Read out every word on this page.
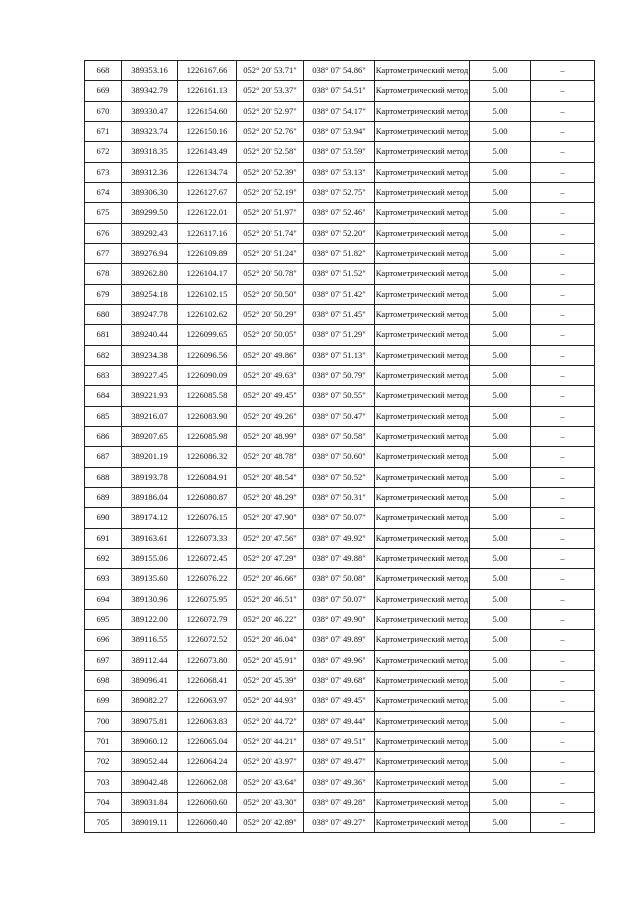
668	389353.16	1226167.66	052° 20' 53.71"	038° 07' 54.86"	Картометрический метод	5.00	–
669	389342.79	1226161.13	052° 20' 53.37"	038° 07' 54.51"	Картометрический метод	5.00	–
670	389330.47	1226154.60	052° 20' 52.97"	038° 07' 54.17"	Картометрический метод	5.00	–
671	389323.74	1226150.16	052° 20' 52.76"	038° 07' 53.94"	Картометрический метод	5.00	–
672	389318.35	1226143.49	052° 20' 52.58"	038° 07' 53.59"	Картометрический метод	5.00	–
673	389312.36	1226134.74	052° 20' 52.39"	038° 07' 53.13"	Картометрический метод	5.00	–
674	389306.30	1226127.67	052° 20' 52.19"	038° 07' 52.75"	Картометрический метод	5.00	–
675	389299.50	1226122.01	052° 20' 51.97"	038° 07' 52.46"	Картометрический метод	5.00	–
676	389292.43	1226117.16	052° 20' 51.74"	038° 07' 52.20"	Картометрический метод	5.00	–
677	389276.94	1226109.89	052° 20' 51.24"	038° 07' 51.82"	Картометрический метод	5.00	–
678	389262.80	1226104.17	052° 20' 50.78"	038° 07' 51.52"	Картометрический метод	5.00	–
679	389254.18	1226102.15	052° 20' 50.50"	038° 07' 51.42"	Картометрический метод	5.00	–
680	389247.78	1226102.62	052° 20' 50.29"	038° 07' 51.45"	Картометрический метод	5.00	–
681	389240.44	1226099.65	052° 20' 50.05"	038° 07' 51.29"	Картометрический метод	5.00	–
682	389234.38	1226096.56	052° 20' 49.86"	038° 07' 51.13"	Картометрический метод	5.00	–
683	389227.45	1226090.09	052° 20' 49.63"	038° 07' 50.79"	Картометрический метод	5.00	–
684	389221.93	1226085.58	052° 20' 49.45"	038° 07' 50.55"	Картометрический метод	5.00	–
685	389216.07	1226083.90	052° 20' 49.26"	038° 07' 50.47"	Картометрический метод	5.00	–
686	389207.65	1226085.98	052° 20' 48.99"	038° 07' 50.58"	Картометрический метод	5.00	–
687	389201.19	1226086.32	052° 20' 48.78"	038° 07' 50.60"	Картометрический метод	5.00	–
688	389193.78	1226084.91	052° 20' 48.54"	038° 07' 50.52"	Картометрический метод	5.00	–
689	389186.04	1226080.87	052° 20' 48.29"	038° 07' 50.31"	Картометрический метод	5.00	–
690	389174.12	1226076.15	052° 20' 47.90"	038° 07' 50.07"	Картометрический метод	5.00	–
691	389163.61	1226073.33	052° 20' 47.56"	038° 07' 49.92"	Картометрический метод	5.00	–
692	389155.06	1226072.45	052° 20' 47.29"	038° 07' 49.88"	Картометрический метод	5.00	–
693	389135.60	1226076.22	052° 20' 46.66"	038° 07' 50.08"	Картометрический метод	5.00	–
694	389130.96	1226075.95	052° 20' 46.51"	038° 07' 50.07"	Картометрический метод	5.00	–
695	389122.00	1226072.79	052° 20' 46.22"	038° 07' 49.90"	Картометрический метод	5.00	–
696	389116.55	1226072.52	052° 20' 46.04"	038° 07' 49.89"	Картометрический метод	5.00	–
697	389112.44	1226073.80	052° 20' 45.91"	038° 07' 49.96"	Картометрический метод	5.00	–
698	389096.41	1226068.41	052° 20' 45.39"	038° 07' 49.68"	Картометрический метод	5.00	–
699	389082.27	1226063.97	052° 20' 44.93"	038° 07' 49.45"	Картометрический метод	5.00	–
700	389075.81	1226063.83	052° 20' 44.72"	038° 07' 49.44"	Картометрический метод	5.00	–
701	389060.12	1226065.04	052° 20' 44.21"	038° 07' 49.51"	Картометрический метод	5.00	–
702	389052.44	1226064.24	052° 20' 43.97"	038° 07' 49.47"	Картометрический метод	5.00	–
703	389042.48	1226062.08	052° 20' 43.64"	038° 07' 49.36"	Картометрический метод	5.00	–
704	389031.84	1226060.60	052° 20' 43.30"	038° 07' 49.28"	Картометрический метод	5.00	–
705	389019.11	1226060.40	052° 20' 42.89"	038° 07' 49.27"	Картометрический метод	5.00	–
